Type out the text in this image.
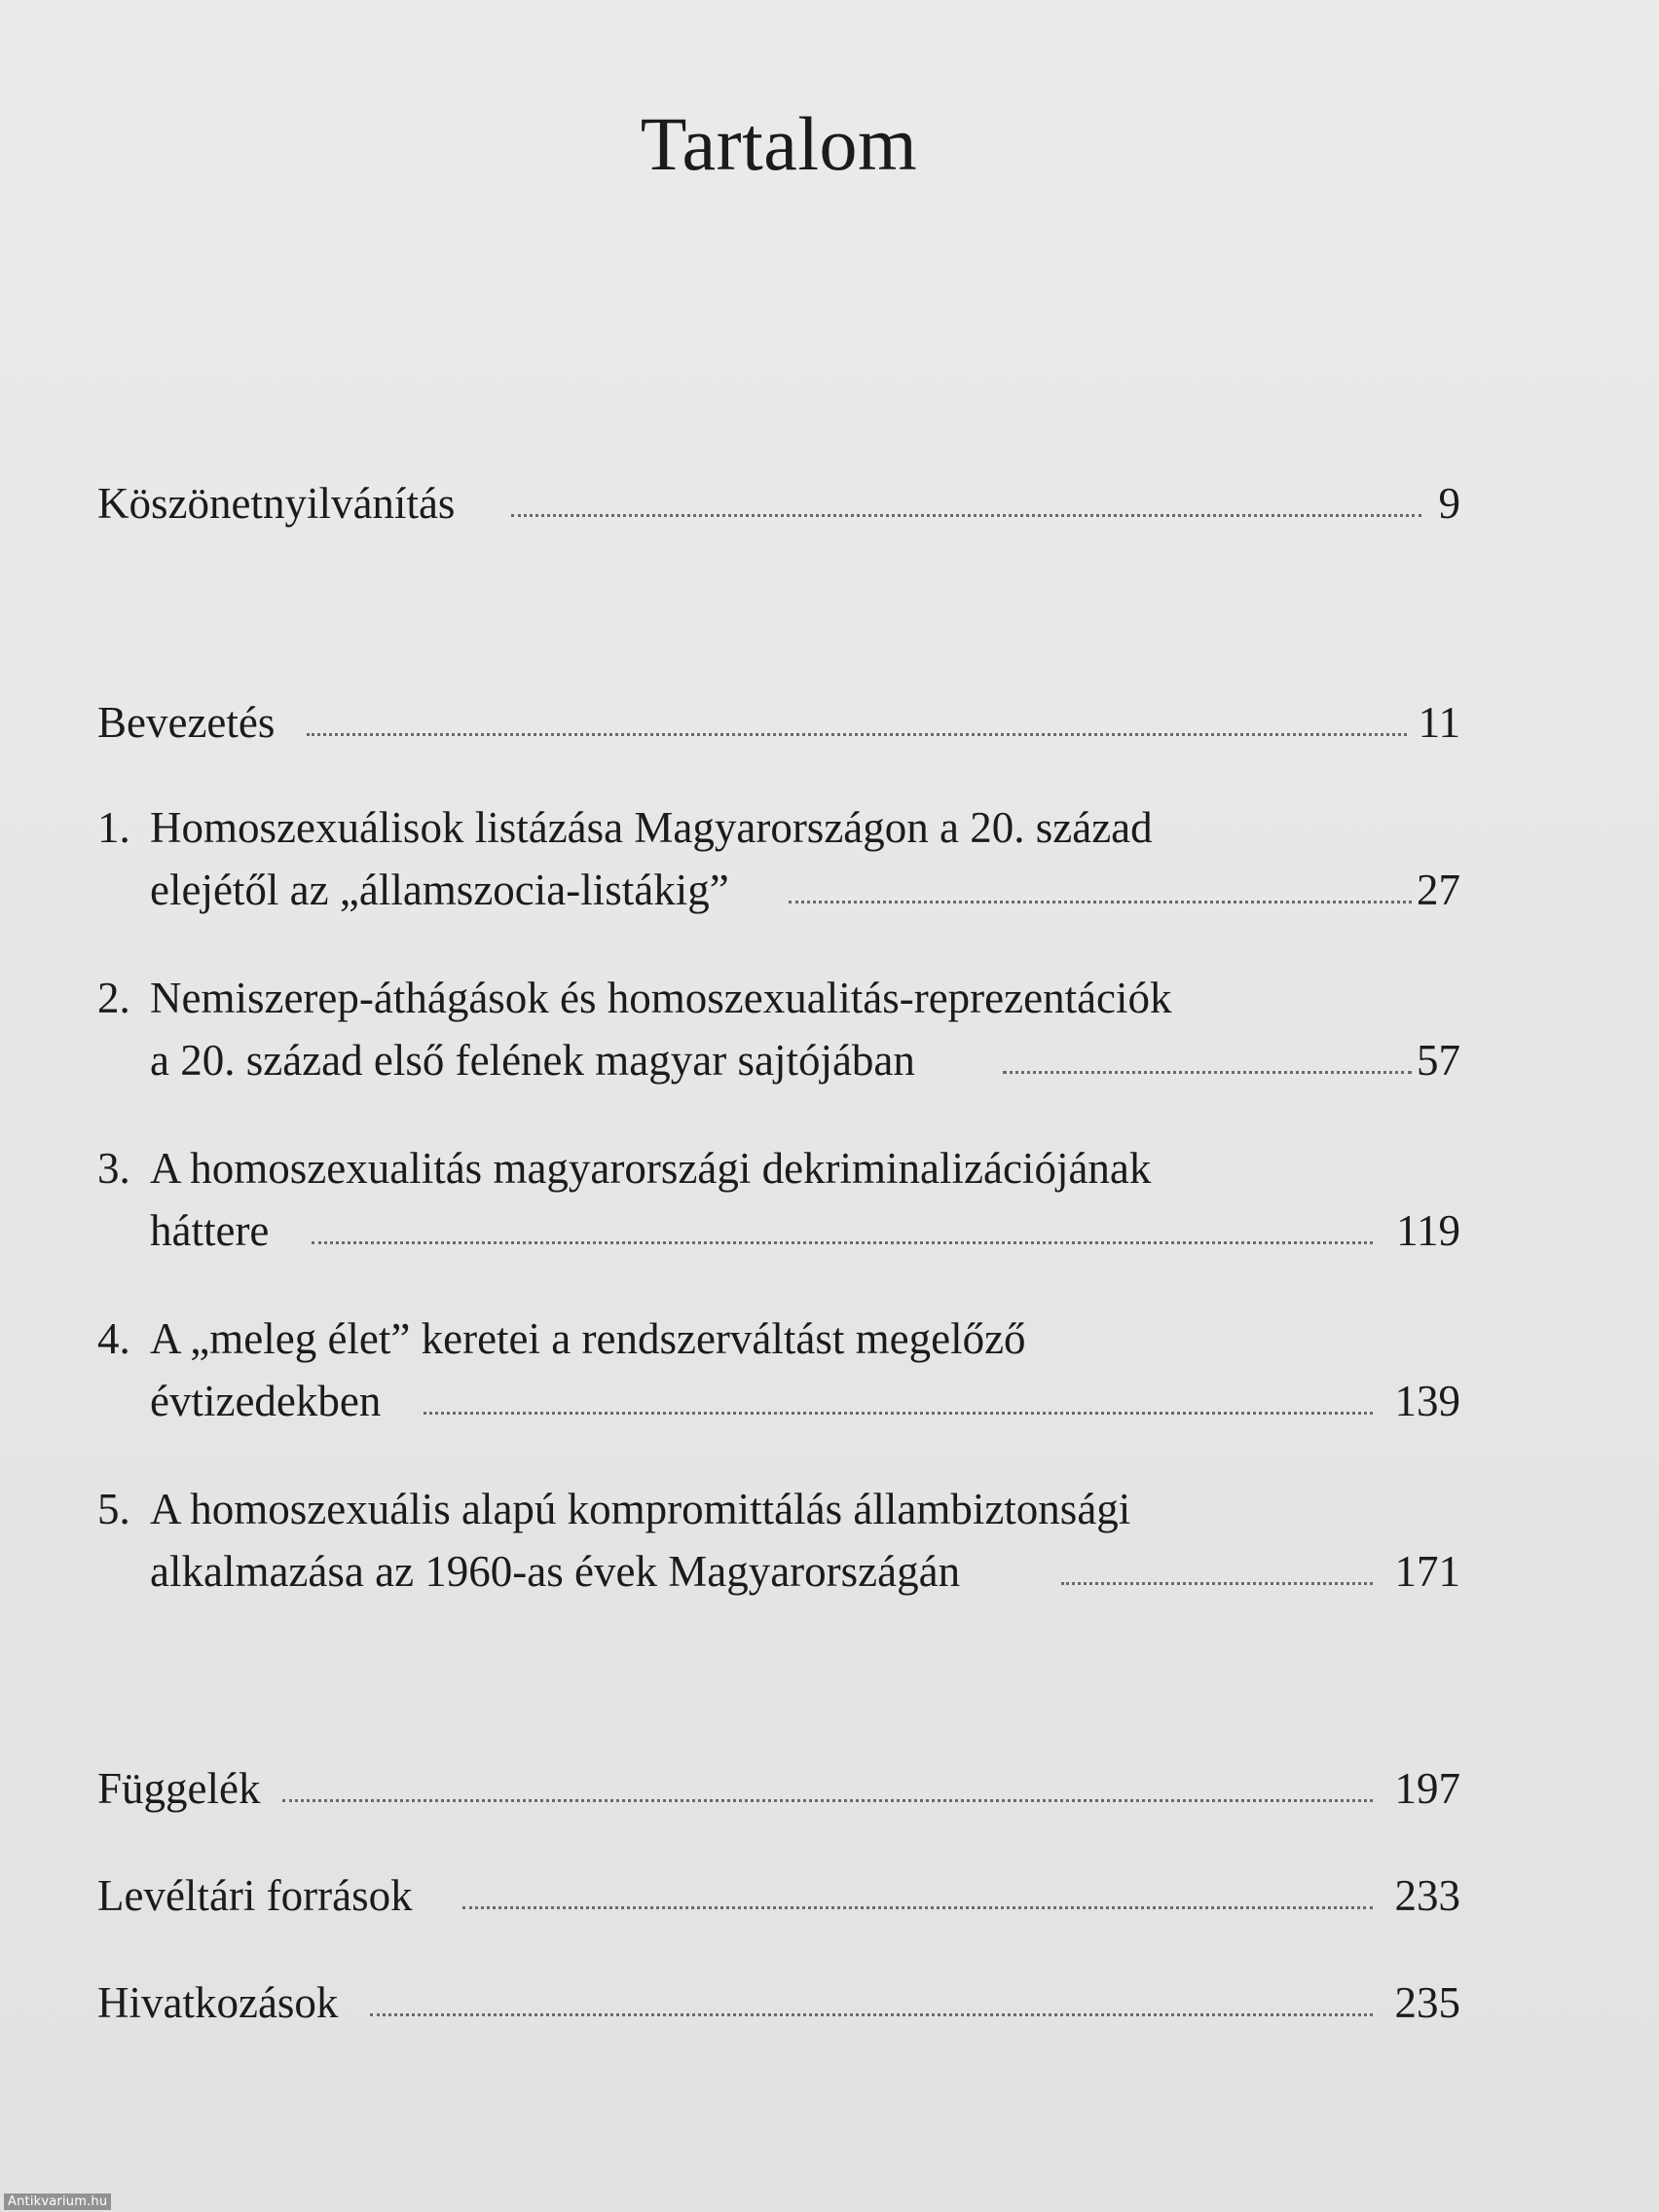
Tartalom
Köszönetnyilvánítás	9
Bevezetés	11
1. Homoszexuálisok listázása Magyarországon a 20. század
elejétől az „államszocia-listákig”	27
2. Nemiszerep-áthágások és homoszexualitás-reprezentációk
a 20. század első felének magyar sajtójában	57
3. A homoszexualitás magyarországi dekriminalizációjának
háttere	119
4. A „meleg élet” keretei a rendszerváltást megelőző
évtizedekben	139
5. A homoszexuális alapú kompromittálás állambiztonsági
alkalmazása az 1960-as évek Magyarországán	171
Függelék	197
Levéltári források	233
Hivatkozások	235
Antikvarium.hu
